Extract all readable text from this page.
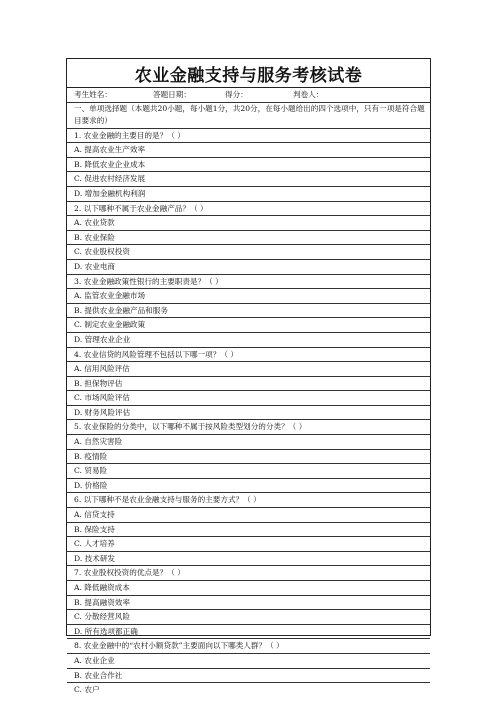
农业金融支持与服务考核试卷
考生姓名：	答题日期：	得分：	判卷人：
一、单项选择题（本题共20小题，每小题1分，共20分，在每小题给出的四个选项中，只有一项是符合题目要求的）
1. 农业金融的主要目的是？（ ）
A. 提高农业生产效率
B. 降低农业企业成本
C. 促进农村经济发展
D. 增加金融机构利润
2. 以下哪种不属于农业金融产品？（ ）
A. 农业贷款
B. 农业保险
C. 农业股权投资
D. 农业电商
3. 农业金融政策性银行的主要职责是？（ ）
A. 监管农业金融市场
B. 提供农业金融产品和服务
C. 制定农业金融政策
D. 管理农业企业
4. 农业信贷的风险管理不包括以下哪一项？（ ）
A. 信用风险评估
B. 担保物评估
C. 市场风险评估
D. 财务风险评估
5. 农业保险的分类中，以下哪种不属于按风险类型划分的分类？（ ）
A. 自然灾害险
B. 疫情险
C. 贸易险
D. 价格险
6. 以下哪种不是农业金融支持与服务的主要方式？（ ）
A. 信贷支持
B. 保险支持
C. 人才培养
D. 技术研发
7. 农业股权投资的优点是？（ ）
A. 降低融资成本
B. 提高融资效率
C. 分散经营风险
D. 所有选项都正确
8. 农业金融中的“农村小额贷款”主要面向以下哪类人群？（ ）
A. 农业企业
B. 农业合作社
C. 农户
